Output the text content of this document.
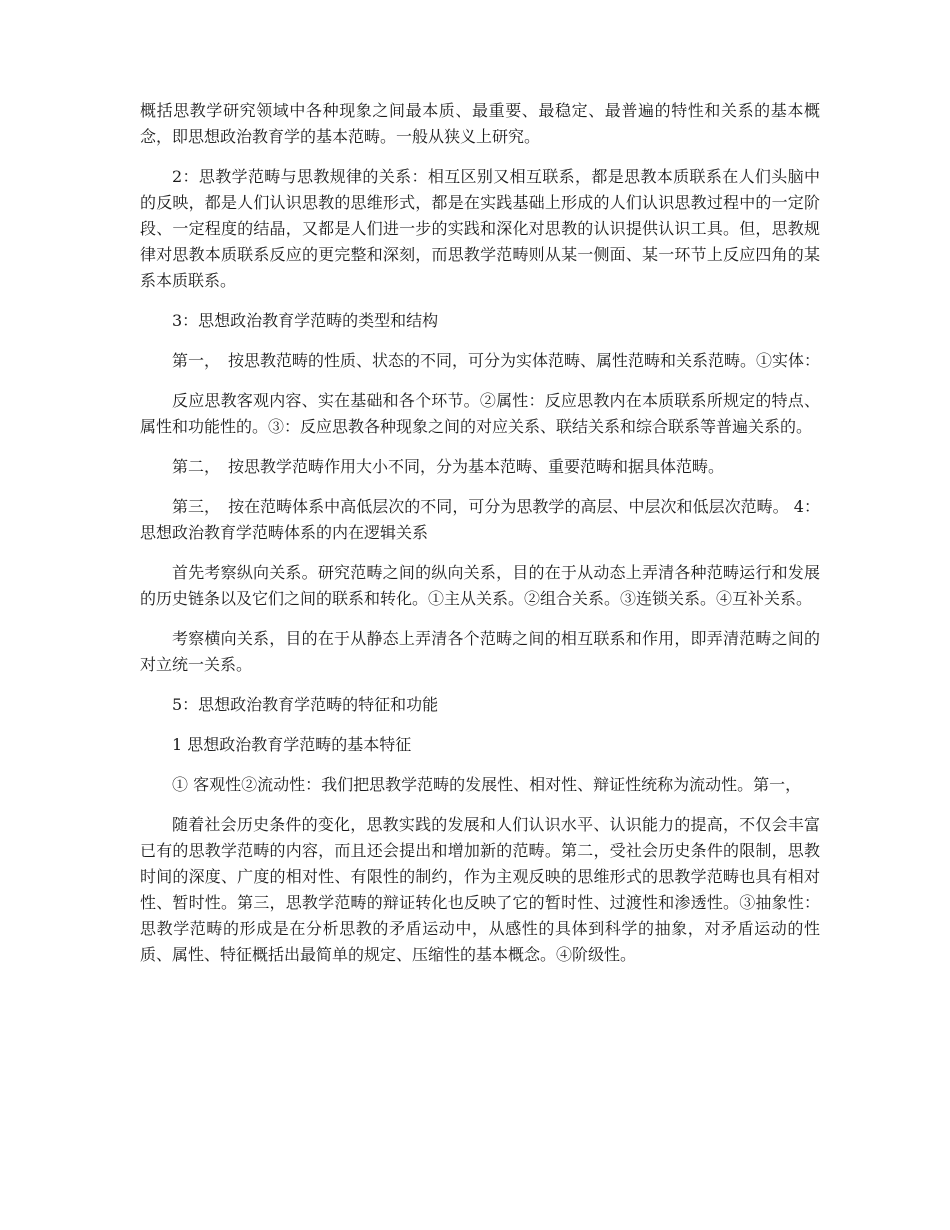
概括思教学研究领域中各种现象之间最本质、最重要、最稳定、最普遍的特性和关系的基本概念，即思想政治教育学的基本范畴。一般从狭义上研究。

2：思教学范畴与思教规律的关系：相互区别又相互联系，都是思教本质联系在人们头脑中的反映，都是人们认识思教的思维形式，都是在实践基础上形成的人们认识思教过程中的一定阶段、一定程度的结晶，又都是人们进一步的实践和深化对思教的认识提供认识工具。但，思教规律对思教本质联系反应的更完整和深刻，而思教学范畴则从某一侧面、某一环节上反应四角的某系本质联系。

3：思想政治教育学范畴的类型和结构

第一，　按思教范畴的性质、状态的不同，可分为实体范畴、属性范畴和关系范畴。①实体：

反应思教客观内容、实在基础和各个环节。②属性：反应思教内在本质联系所规定的特点、属性和功能性的。③：反应思教各种现象之间的对应关系、联结关系和综合联系等普遍关系的。

第二，　按思教学范畴作用大小不同，分为基本范畴、重要范畴和据具体范畴。

第三，　按在范畴体系中高低层次的不同，可分为思教学的高层、中层次和低层次范畴。 4：思想政治教育学范畴体系的内在逻辑关系

首先考察纵向关系。研究范畴之间的纵向关系，目的在于从动态上弄清各种范畴运行和发展的历史链条以及它们之间的联系和转化。①主从关系。②组合关系。③连锁关系。④互补关系。

考察横向关系，目的在于从静态上弄清各个范畴之间的相互联系和作用，即弄清范畴之间的对立统一关系。

5：思想政治教育学范畴的特征和功能

1 思想政治教育学范畴的基本特征

① 客观性②流动性：我们把思教学范畴的发展性、相对性、辩证性统称为流动性。第一，

随着社会历史条件的变化，思教实践的发展和人们认识水平、认识能力的提高，不仅会丰富已有的思教学范畴的内容，而且还会提出和增加新的范畴。第二，受社会历史条件的限制，思教时间的深度、广度的相对性、有限性的制约，作为主观反映的思维形式的思教学范畴也具有相对性、暂时性。第三，思教学范畴的辩证转化也反映了它的暂时性、过渡性和渗透性。③抽象性：思教学范畴的形成是在分析思教的矛盾运动中，从感性的具体到科学的抽象，对矛盾运动的性质、属性、特征概括出最简单的规定、压缩性的基本概念。④阶级性。
